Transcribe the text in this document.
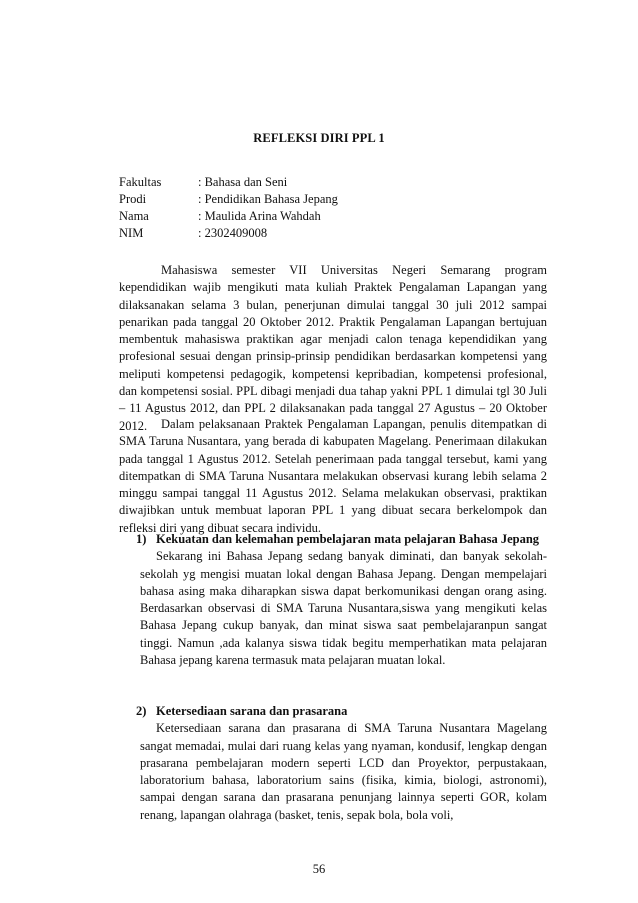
REFLEKSI DIRI PPL 1
Fakultas	: Bahasa dan Seni
Prodi	: Pendidikan Bahasa Jepang
Nama	: Maulida Arina Wahdah
NIM	: 2302409008

Mahasiswa semester VII Universitas Negeri Semarang program kependidikan wajib mengikuti mata kuliah Praktek Pengalaman Lapangan yang dilaksanakan selama 3 bulan, penerjunan dimulai tanggal 30 juli 2012 sampai penarikan pada tanggal 20 Oktober 2012. Praktik Pengalaman Lapangan bertujuan membentuk mahasiswa praktikan agar menjadi calon tenaga kependidikan yang profesional sesuai dengan prinsip-prinsip pendidikan berdasarkan kompetensi yang meliputi kompetensi pedagogik, kompetensi kepribadian, kompetensi profesional, dan kompetensi sosial. PPL dibagi menjadi dua tahap yakni PPL 1 dimulai tgl 30 Juli – 11 Agustus 2012, dan PPL 2 dilaksanakan pada tanggal 27 Agustus – 20 Oktober 2012.	Dalam pelaksanaan Praktek Pengalaman Lapangan, penulis ditempatkan di SMA Taruna Nusantara, yang berada di kabupaten Magelang. Penerimaan dilakukan pada tanggal 1 Agustus 2012. Setelah penerimaan pada tanggal tersebut, kami yang ditempatkan di SMA Taruna Nusantara melakukan observasi kurang lebih selama 2 minggu sampai tanggal 11 Agustus 2012. Selama melakukan observasi, praktikan diwajibkan untuk membuat laporan PPL 1 yang dibuat secara berkelompok dan refleksi diri yang dibuat secara individu.

1) Kekuatan dan kelemahan pembelajaran mata pelajaran Bahasa Jepang

Sekarang ini Bahasa Jepang sedang banyak diminati, dan banyak sekolah-sekolah yg mengisi muatan lokal dengan Bahasa Jepang. Dengan mempelajari bahasa asing maka diharapkan siswa dapat berkomunikasi dengan orang asing. Berdasarkan observasi di SMA Taruna Nusantara,siswa yang mengikuti kelas Bahasa Jepang cukup banyak, dan minat siswa saat pembelajaranpun sangat tinggi. Namun ,ada kalanya siswa tidak begitu memperhatikan mata pelajaran Bahasa jepang karena termasuk mata pelajaran muatan lokal.

2) Ketersediaan sarana dan prasarana

Ketersediaan sarana dan prasarana di SMA Taruna Nusantara Magelang sangat memadai, mulai dari ruang kelas yang nyaman, kondusif, lengkap dengan prasarana pembelajaran modern seperti LCD dan Proyektor, perpustakaan, laboratorium bahasa, laboratorium sains (fisika, kimia, biologi, astronomi), sampai dengan sarana dan prasarana penunjang lainnya seperti GOR, kolam renang, lapangan olahraga (basket, tenis, sepak bola, bola voli,

56
